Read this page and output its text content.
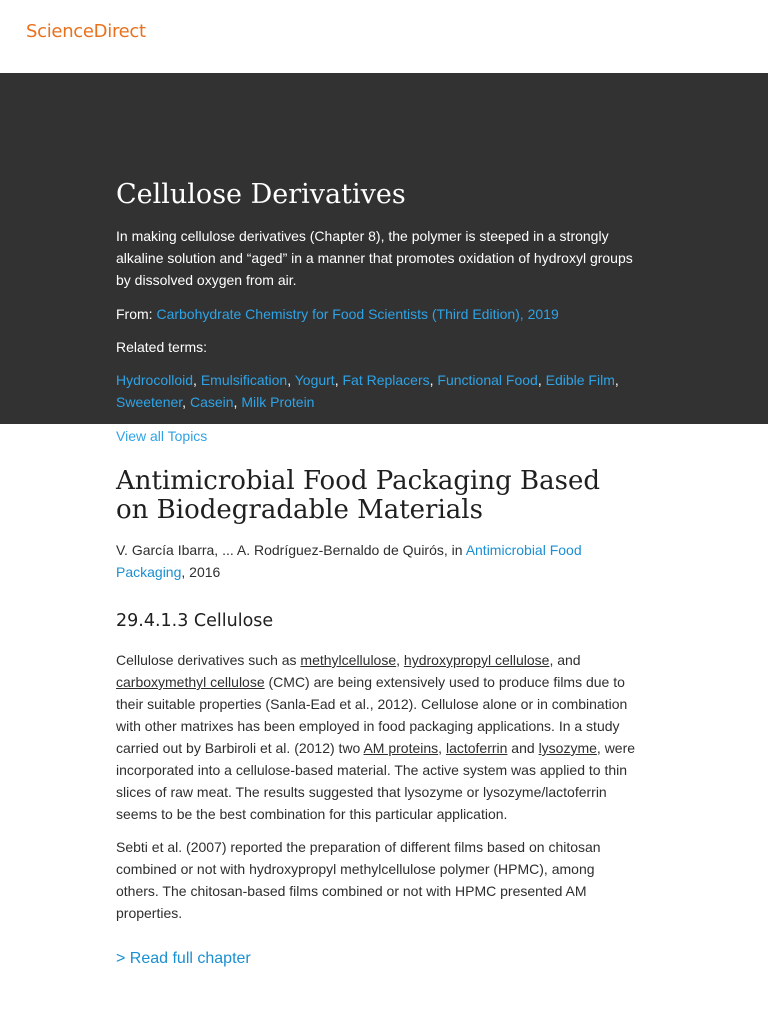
ScienceDirect
Cellulose Derivatives

In making cellulose derivatives (Chapter 8), the polymer is steeped in a strongly alkaline solution and “aged” in a manner that promotes oxidation of hydroxyl groups by dissolved oxygen from air.

From: Carbohydrate Chemistry for Food Scientists (Third Edition), 2019

Related terms:

Hydrocolloid, Emulsification, Yogurt, Fat Replacers, Functional Food, Edible Film, Sweetener, Casein, Milk Protein

View all Topics

Antimicrobial Food Packaging Based on Biodegradable Materials

V. García Ibarra, ... A. Rodríguez-Bernaldo de Quirós, in Antimicrobial Food Packaging, 2016

29.4.1.3 Cellulose

Cellulose derivatives such as methylcellulose, hydroxypropyl cellulose, and carboxymethyl cellulose (CMC) are being extensively used to produce films due to their suitable properties (Sanla-Ead et al., 2012). Cellulose alone or in combination with other matrixes has been employed in food packaging applications. In a study carried out by Barbiroli et al. (2012) two AM proteins, lactoferrin and lysozyme, were incorporated into a cellulose-based material. The active system was applied to thin slices of raw meat. The results suggested that lysozyme or lysozyme/lactoferrin seems to be the best combination for this particular application.

Sebti et al. (2007) reported the preparation of different films based on chitosan combined or not with hydroxypropyl methylcellulose polymer (HPMC), among others. The chitosan-based films combined or not with HPMC presented AM properties.

> Read full chapter
